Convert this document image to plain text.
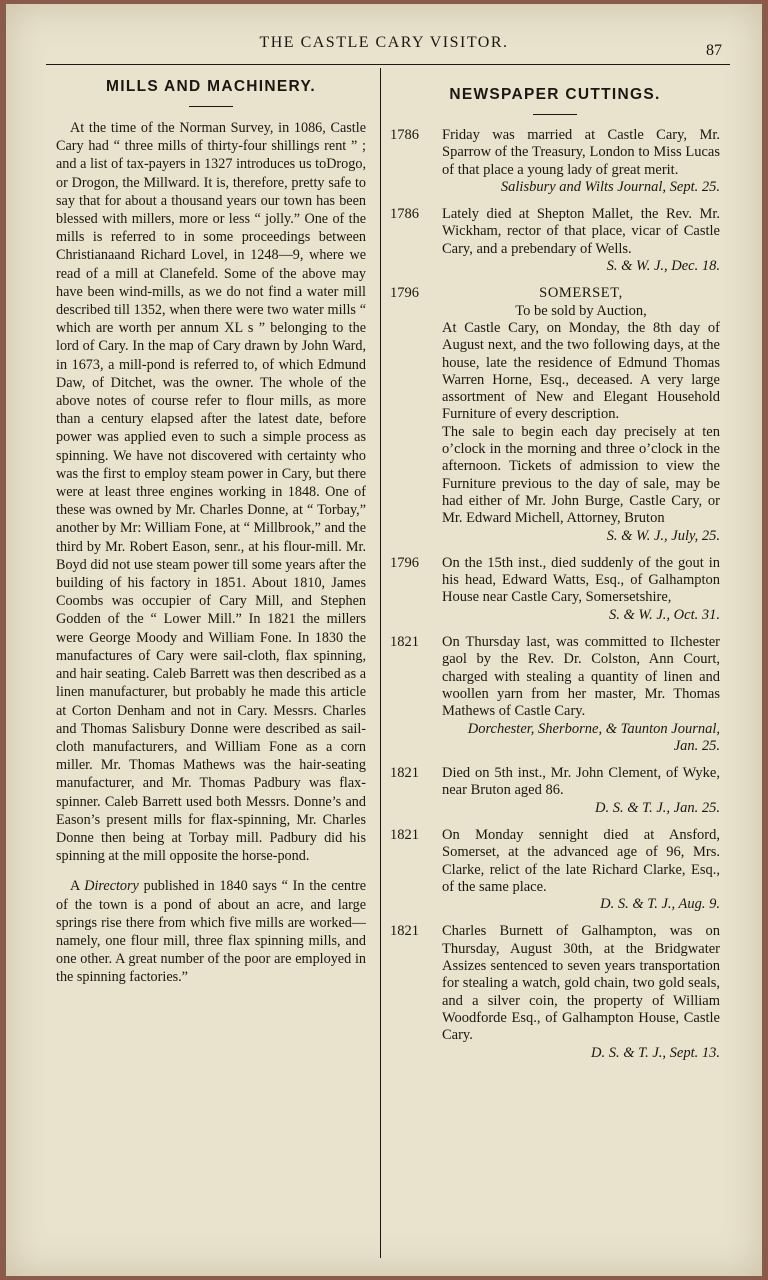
THE CASTLE CARY VISITOR.	87
MILLS AND MACHINERY.

At the time of the Norman Survey, in 1086, Castle Cary had “ three mills of thirty-four shillings rent ” ; and a list of tax-payers in 1327 introduces us toDrogo, or Drogon, the Millward. It is, therefore, pretty safe to say that for about a thousand years our town has been blessed with millers, more or less “ jolly.” One of the mills is referred to in some proceedings between Christianaand Richard Lovel, in 1248—9, where we read of a mill at Clanefeld. Some of the above may have been wind-mills, as we do not find a water mill described till 1352, when there were two water mills “ which are worth per annum XL s ” belonging to the lord of Cary. In the map of Cary drawn by John Ward, in 1673, a mill-pond is referred to, of which Edmund Daw, of Ditchet, was the owner. The whole of the above notes of course refer to flour mills, as more than a century elapsed after the latest date, before power was applied even to such a simple process as spinning. We have not discovered with certainty who was the first to employ steam power in Cary, but there were at least three engines working in 1848. One of these was owned by Mr. Charles Donne, at “ Torbay,” another by Mr: William Fone, at “ Millbrook,” and the third by Mr. Robert Eason, senr., at his flour-mill. Mr. Boyd did not use steam power till some years after the building of his factory in 1851. About 1810, James Coombs was occupier of Cary Mill, and Stephen Godden of the “ Lower Mill.” In 1821 the millers were George Moody and William Fone. In 1830 the manufactures of Cary were sail-cloth, flax spinning, and hair seating. Caleb Barrett was then described as a linen manufacturer, but probably he made this article at Corton Denham and not in Cary. Messrs. Charles and Thomas Salisbury Donne were described as sail-cloth manufacturers, and William Fone as a corn miller. Mr. Thomas Mathews was the hair-seating manufacturer, and Mr. Thomas Padbury was flax-spinner. Caleb Barrett used both Messrs. Donne’s and Eason’s present mills for flax-spinning, Mr. Charles Donne then being at Torbay mill. Padbury did his spinning at the mill opposite the horse-pond.

A Directory published in 1840 says “ In the centre of the town is a pond of about an acre, and large springs rise there from which five mills are worked—namely, one flour mill, three flax spinning mills, and one other. A great number of the poor are employed in the spinning factories.”

NEWSPAPER CUTTINGS.
1786	Friday was married at Castle Cary, Mr. Sparrow of the Treasury, London to Miss Lucas of that place a young lady of great merit.

Salisbury and Wilts Journal, Sept. 25.
1786	Lately died at Shepton Mallet, the Rev. Mr. Wickham, rector of that place, vicar of Castle Cary, and a prebendary of Wells.

S. & W. J., Dec. 18.
1796	SOMERSET,
To be sold by Auction,

At Castle Cary, on Monday, the 8th day of August next, and the two following days, at the house, late the residence of Edmund Thomas Warren Horne, Esq., deceased. A very large assortment of New and Elegant Household Furniture of every description.

The sale to begin each day precisely at ten o’clock in the morning and three o’clock in the afternoon. Tickets of admission to view the Furniture previous to the day of sale, may be had either of Mr. John Burge, Castle Cary, or Mr. Edward Michell, Attorney, Bruton

S. & W. J., July, 25.
1796	On the 15th inst., died suddenly of the gout in his head, Edward Watts, Esq., of Galhampton House near Castle Cary, Somersetshire,

S. & W. J., Oct. 31.
1821	On Thursday last, was committed to Ilchester gaol by the Rev. Dr. Colston, Ann Court, charged with stealing a quantity of linen and woollen yarn from her master, Mr. Thomas Mathews of Castle Cary.

Dorchester, Sherborne, & Taunton Journal, Jan. 25.
1821	Died on 5th inst., Mr. John Clement, of Wyke, near Bruton aged 86.

D. S. & T. J., Jan. 25.
1821	On Monday sennight died at Ansford, Somerset, at the advanced age of 96, Mrs. Clarke, relict of the late Richard Clarke, Esq., of the same place.

D. S. & T. J., Aug. 9.
1821	Charles Burnett of Galhampton, was on Thursday, August 30th, at the Bridgwater Assizes sentenced to seven years transportation for stealing a watch, gold chain, two gold seals, and a silver coin, the property of William Woodforde Esq., of Galhampton House, Castle Cary.

D. S. & T. J., Sept. 13.
